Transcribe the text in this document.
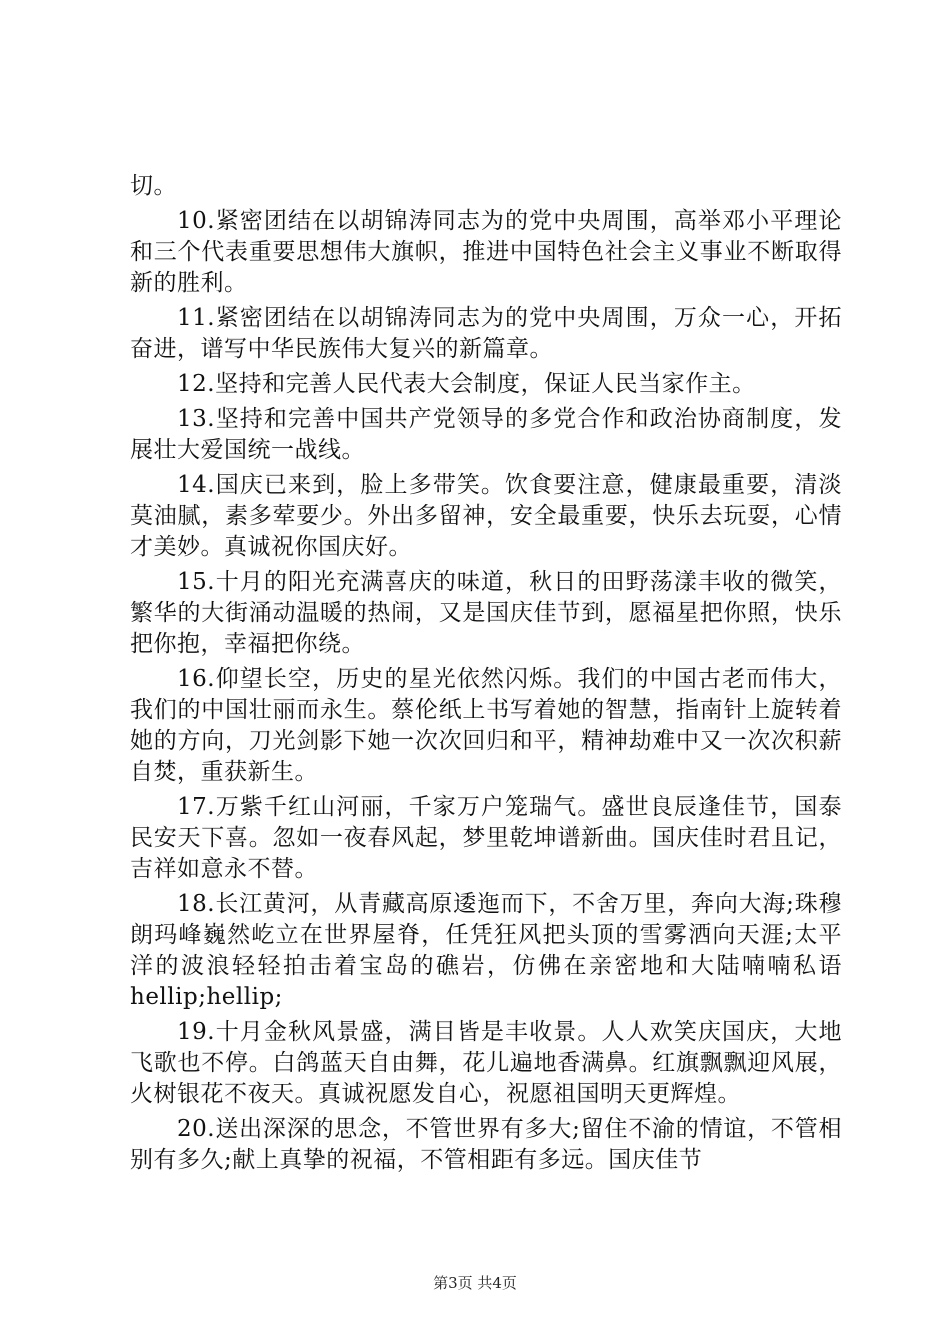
切。

10.紧密团结在以胡锦涛同志为的党中央周围，高举邓小平理论和三个代表重要思想伟大旗帜，推进中国特色社会主义事业不断取得新的胜利。

11.紧密团结在以胡锦涛同志为的党中央周围，万众一心，开拓奋进，谱写中华民族伟大复兴的新篇章。

12.坚持和完善人民代表大会制度，保证人民当家作主。

13.坚持和完善中国共产党领导的多党合作和政治协商制度，发展壮大爱国统一战线。

14.国庆已来到，脸上多带笑。饮食要注意，健康最重要，清淡莫油腻，素多荤要少。外出多留神，安全最重要，快乐去玩耍，心情才美妙。真诚祝你国庆好。

15.十月的阳光充满喜庆的味道，秋日的田野荡漾丰收的微笑，繁华的大街涌动温暖的热闹，又是国庆佳节到，愿福星把你照，快乐把你抱，幸福把你绕。

16.仰望长空，历史的星光依然闪烁。我们的中国古老而伟大，我们的中国壮丽而永生。蔡伦纸上书写着她的智慧，指南针上旋转着她的方向，刀光剑影下她一次次回归和平，精神劫难中又一次次积薪自焚，重获新生。

17.万紫千红山河丽，千家万户笼瑞气。盛世良辰逢佳节，国泰民安天下喜。忽如一夜春风起，梦里乾坤谱新曲。国庆佳时君且记，吉祥如意永不替。

18.长江黄河，从青藏高原逶迤而下，不舍万里，奔向大海;珠穆朗玛峰巍然屹立在世界屋脊，任凭狂风把头顶的雪雾洒向天涯;太平洋的波浪轻轻拍击着宝岛的礁岩，仿佛在亲密地和大陆喃喃私语hellip;hellip;

19.十月金秋风景盛，满目皆是丰收景。人人欢笑庆国庆，大地飞歌也不停。白鸽蓝天自由舞，花儿遍地香满鼻。红旗飘飘迎风展，火树银花不夜天。真诚祝愿发自心，祝愿祖国明天更辉煌。

20.送出深深的思念，不管世界有多大;留住不渝的情谊，不管相别有多久;献上真挚的祝福，不管相距有多远。国庆佳节

第3页 共4页
